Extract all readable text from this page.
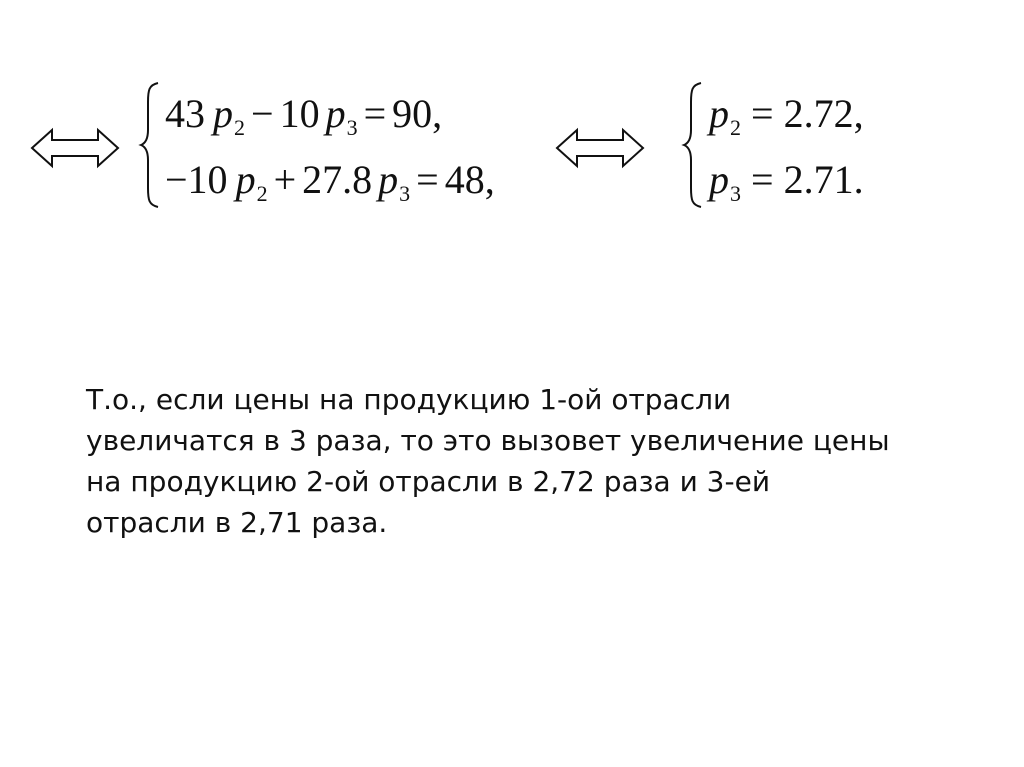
43 $p_2 - 10$ $p_3 = 90$,
−10 $p_2 + 27.8$ $p_3 = 48$,
$p_2 = 2.72$,
$p_3 = 2.71$.
Т.о., если цены на продукцию 1-ой отрасли
увеличатся в 3 раза, то это вызовет увеличение цены
на продукцию 2-ой отрасли в 2,72 раза и 3-ей
отрасли в 2,71 раза.
